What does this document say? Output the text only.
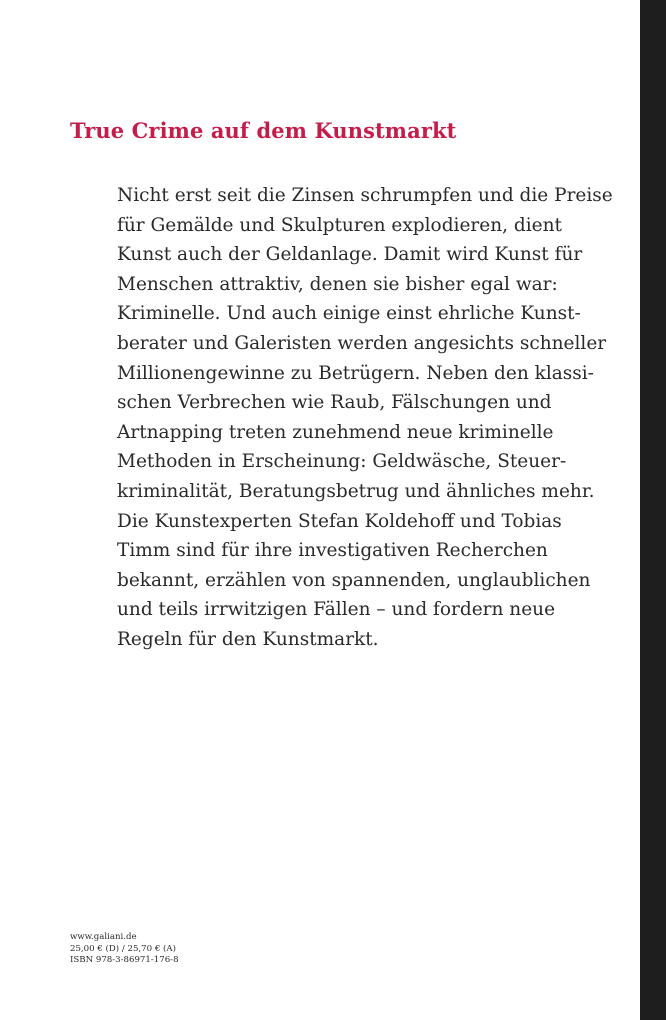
True Crime auf dem Kunstmarkt

Nicht erst seit die Zinsen schrumpfen und die Preise
für Gemälde und Skulpturen explodieren, dient
Kunst auch der Geldanlage. Damit wird Kunst für
Menschen attraktiv, denen sie bisher egal war:
Kriminelle. Und auch einige einst ehrliche Kunst-
berater und Galeristen werden angesichts schneller
Millionengewinne zu Betrügern. Neben den klassi-
schen Verbrechen wie Raub, Fälschungen und
Artnapping treten zunehmend neue kriminelle
Methoden in Erscheinung: Geldwäsche, Steuer-
kriminalität, Beratungsbetrug und ähnliches mehr.
Die Kunstexperten Stefan Koldehoff und Tobias
Timm sind für ihre investigativen Recherchen
bekannt, erzählen von spannenden, unglaublichen
und teils irrwitzigen Fällen – und fordern neue
Regeln für den Kunstmarkt.

www.galiani.de
25,00 € (D) / 25,70 € (A)
ISBN 978-3-86971-176-8
